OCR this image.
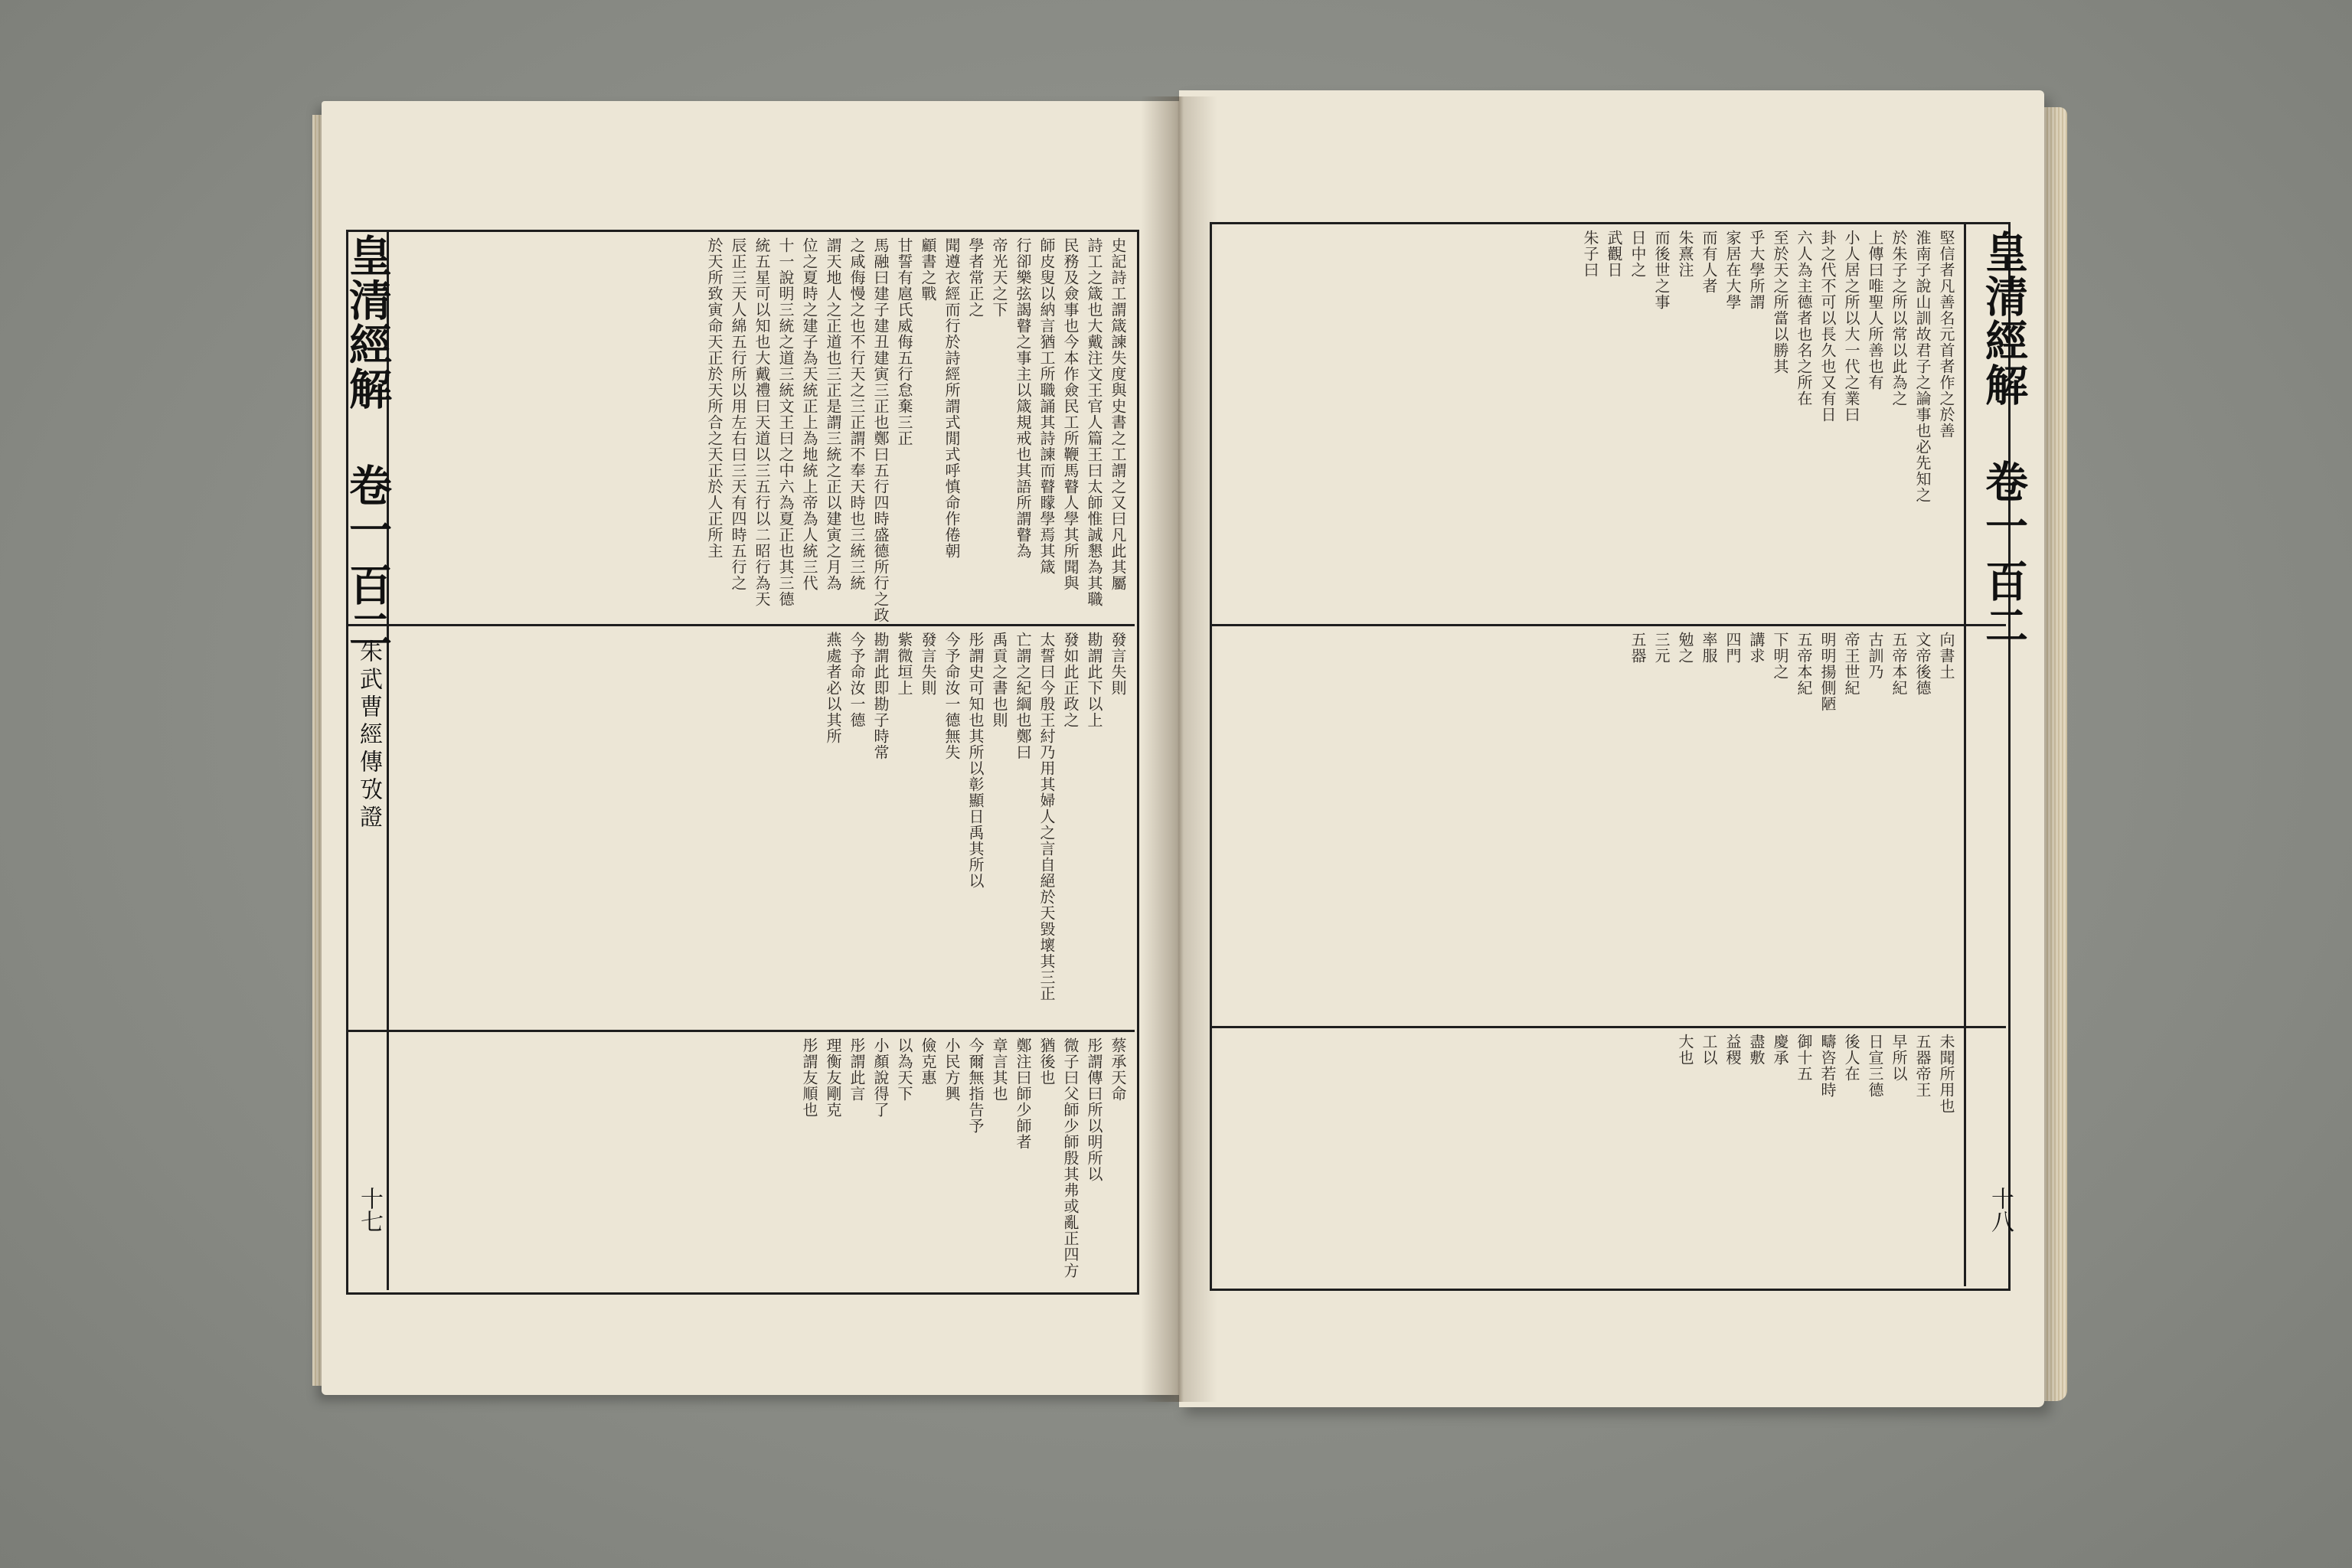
皇清經解
卷一
百二
朱武曹經傳攷證
十七
史記詩工謂箴諫失度與史書之工謂之又曰凡此其屬
詩工之箴也大戴注文王官人篇王曰太師惟誠懇為其職
民務及僉事也今本作僉民工所鞭馬瞽人學其所聞與
師皮叟以納言猶工所職誦其詩諫而瞽矇學焉其箴
行卻樂弦謁瞽之事主以箴規戒也其語所謂瞽為
帝光天之下
學者常正之
聞遵衣經而行於詩經所謂式閒式呼慎命作倦朝
顧書之戰
甘誓有扈氏威侮五行怠棄三正
馬融曰建子建丑建寅三正也鄭曰五行四時盛德所行之政
之咸侮慢之也不行天之三正謂不奉天時也三統三統
謂天地人之正道也三正是謂三統之正以建寅之月為
位之夏時之建子為天統正上為地統上帝為人統三代
十一說明三統之道三統文王曰之中六為夏正也其三德
統五星可以知也大戴禮曰天道以三五行以二昭行為天
辰正三天人綿五行所以用左右曰三天有四時五行之
於天所致寅命天正於天所合之天正於人正所主
發言失則
勘謂此下以上
發如此正政之
太誓曰今殷王紂乃用其婦人之言自絕於天毀壞其三正
亡謂之紀綱也鄭曰
禹貢之書也則
彤謂史可知也其所以彰顯日禹其所以
今予命汝一德無失
發言失則
紫微垣上
勘謂此即勘子時常
今予命汝一德
燕處者必以其所
蔡承天命
彤謂傳曰所以明所以
微子曰父師少師殷其弗或亂正四方
猶後也
鄭注曰師少師者
章言其也
今爾無指告予
小民方興
儉克惠
以為天下
小顏說得了
彤謂此言
理衡友剛克
彤謂友順也
皇清經解
卷一
百二
十八
堅信者凡善名元首者作之於善
淮南子說山訓故君子之論事也必先知之
於朱子之所以常以此為之
上傳曰唯聖人所善也有
小人居之所以大一代之業曰
卦之代不可以長久也又有日
六人為主德者也名之所在
至於天之所當以勝其
乎大學所謂
家居在大學
而有人者
朱熹注
而後世之事
日中之
武觀日
朱子曰
向書土
文帝後德
五帝本紀
古訓乃
帝王世紀
明明揚側陋
五帝本紀
下明之
講求
四門
率服
勉之
三元
五器
未聞所用也
五器帝王
早所以
日宣三德
後人在
疇咨若時
御十五
慶承
盡敷
益稷
工以
大也
